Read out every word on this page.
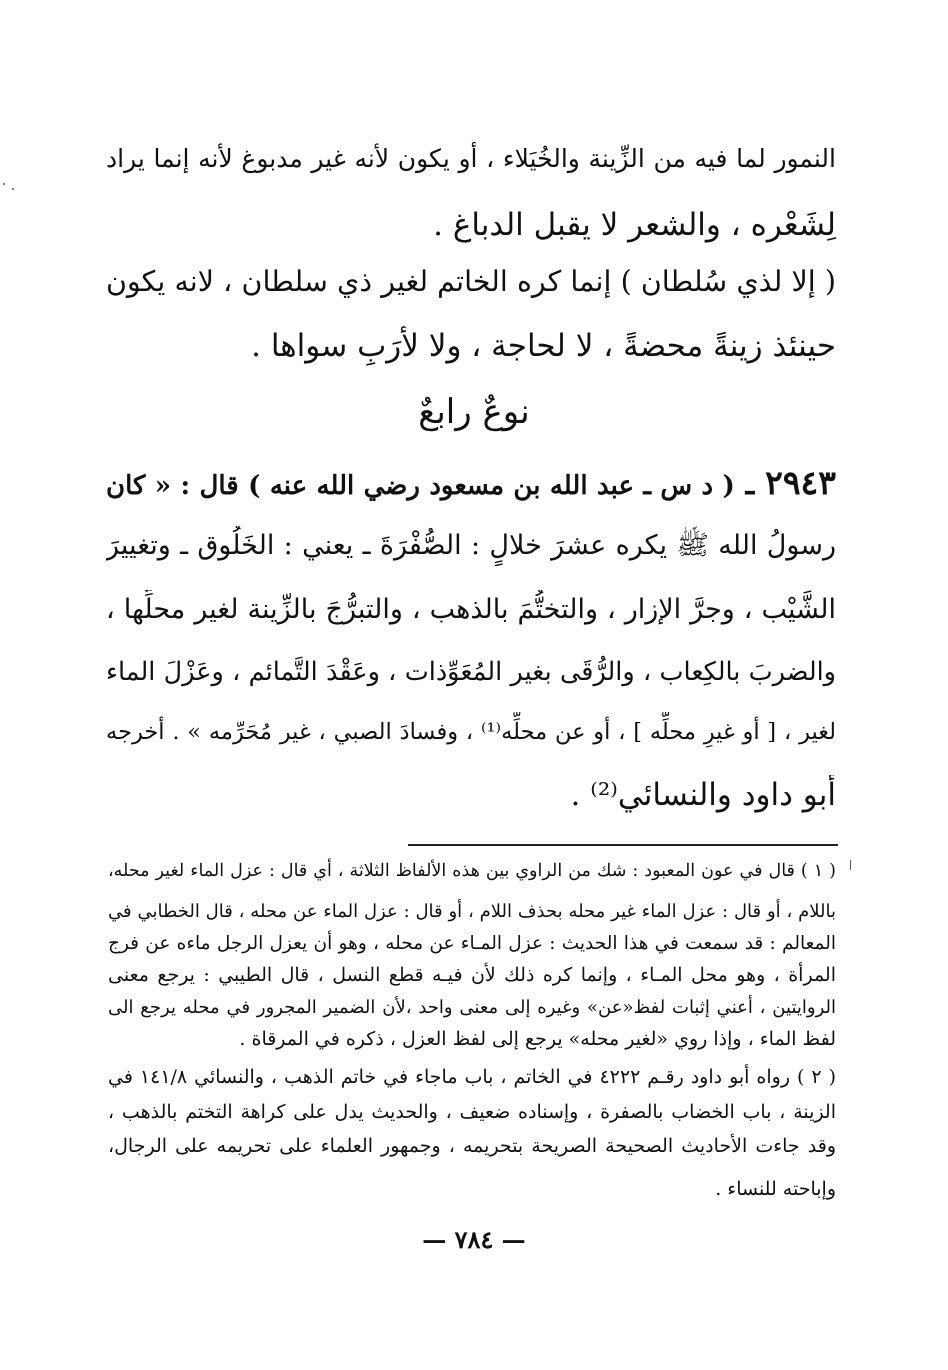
النمور لما فيه من الزِّينة والخُيَلاء ، أو يكون لأنه غير مدبوغ لأنه إنما يراد
لِشَعْره ، والشعر لا يقبل الدباغ .
( إلا لذي سُلطان ) إنما كره الخاتم لغير ذي سلطان ، لانه يكون
حينئذ زينةً محضةً ، لا لحاجة ، ولا لأرَبٍ سواها .
نوعٌ رابعٌ
٢٩٤٣ ـ ( د س ـ عبد الله بن مسعود رضي الله عنه ) قال : « كان
رسولُ الله ﷺ يكره عشرَ خلالٍ : الصُّفْرَةَ ـ يعني : الخَلُوق ـ وتغييرَ
الشَّيْب ، وجرَّ الإزار ، والتختُّمَ بالذهب ، والتبرُّجَ بالزِّينة لغير محلِّها ،
والضربَ بالكِعاب ، والرُّقَى بغير المُعَوِّذات ، وعَقْدَ التَّمائم ، وعَزْلَ الماء
لغير ، [ أو غيرِ محلِّه ] ، أو عن محلِّه⁽¹⁾ ، وفسادَ الصبي ، غير مُحَرِّمه » . أخرجه
أبو داود والنسائي⁽²⁾ .
( ١ ) قال في عون المعبود : شك من الراوي بين هذه الألفاظ الثلاثة ، أي قال : عزل الماء لغير محله،
باللام ، أو قال : عزل الماء غير محله بحذف اللام ، أو قال : عزل الماء عن محله ، قال الخطابي في
المعالم : قد سمعت في هذا الحديث : عزل المـاء عن محله ، وهو أن يعزل الرجل ماءه عن فرج
المرأة ، وهو محل المـاء ، وإنما كره ذلك لأن فيـه قطع النسل ، قال الطيبي : يرجع معنى
الروايتين ، أعني إثبات لفظ«عن» وغيره إلى معنى واحد ،لأن الضمير المجرور في محله يرجع الى
لفظ الماء ، وإذا روي «لغير محله» يرجع إلى لفظ العزل ، ذكره في المرقاة .
( ٢ ) رواه أبو داود رقـم ٤٢٢٢ في الخاتم ، باب ماجاء في خاتم الذهب ، والنسائي ١٤١/٨ في
الزينة ، باب الخضاب بالصفرة ، وإسناده ضعيف ، والحديث يدل على كراهة التختم بالذهب ،
وقد جاءت الأحاديث الصحيحة الصريحة بتحريمه ، وجمهور العلماء على تحريمه على الرجال،
وإباحته للنساء .
— ٧٨٤ —
